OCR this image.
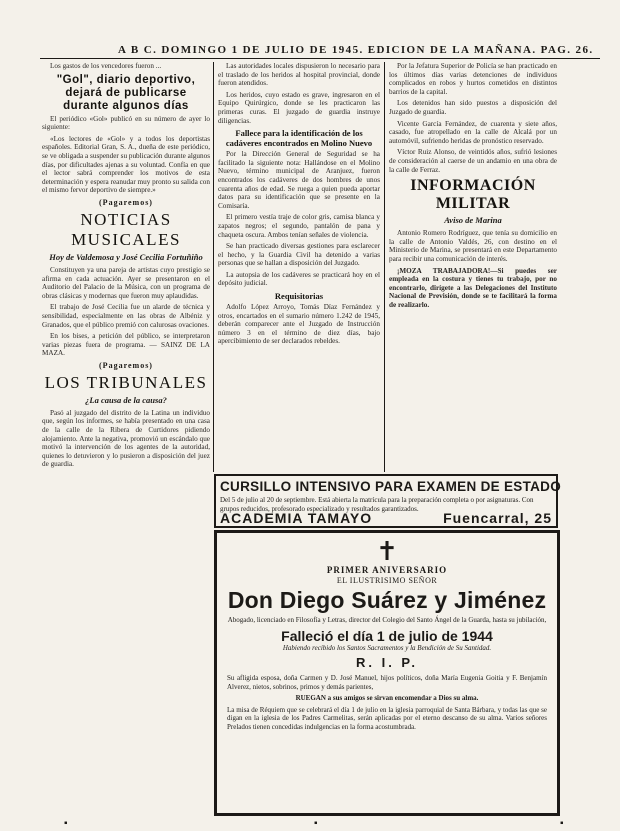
A B C. DOMINGO 1 DE JULIO DE 1945. EDICION DE LA MAÑANA. PAG. 26.

Los gastos de los vencedores fueron ...

"Gol", diario deportivo, dejará de publicarse durante algunos días

El periódico «Gol» publicó en su número de ayer lo siguiente:

«Los lectores de «Gol» y a todos los deportistas españoles. Editorial Gran, S. A., dueña de este periódico, se ve obligada a suspender su publicación durante algunos días, por dificultades ajenas a su voluntad. Confía en que el lector sabrá comprender los motivos de esta determinación y espera reanudar muy pronto su salida con el mismo fervor deportivo de siempre.»

(Pagaremos)
NOTICIAS MUSICALES
Hoy de Valdemosa y José Cecilia Fortuñiño

Constituyen ya una pareja de artistas cuyo prestigio se afirma en cada actuación. Ayer se presentaron en el Auditorio del Palacio de la Música, con un programa de obras clásicas y modernas que fueron muy aplaudidas.

El trabajo de José Cecilia fue un alarde de técnica y sensibilidad, especialmente en las obras de Albéniz y Granados, que el público premió con calurosas ovaciones.

En los bises, a petición del público, se interpretaron varias piezas fuera de programa. — SAINZ DE LA MAZA.

(Pagaremos)
LOS TRIBUNALES
¿La causa de la causa?

Pasó al juzgado del distrito de la Latina un individuo que, según los informes, se había presentado en una casa de la calle de la Ribera de Curtidores pidiendo alojamiento. Ante la negativa, promovió un escándalo que motivó la intervención de los agentes de la autoridad, quienes lo detuvieron y lo pusieron a disposición del juez de guardia.

Las autoridades locales dispusieron lo necesario para el traslado de los heridos al hospital provincial, donde fueron atendidos.

Los heridos, cuyo estado es grave, ingresaron en el Equipo Quirúrgico, donde se les practicaron las primeras curas. El juzgado de guardia instruye diligencias.

Fallece para la identificación de los cadáveres encontrados en Molino Nuevo

Por la Dirección General de Seguridad se ha facilitado la siguiente nota: Hallándose en el Molino Nuevo, término municipal de Aranjuez, fueron encontrados los cadáveres de dos hombres de unos cuarenta años de edad. Se ruega a quien pueda aportar datos para su identificación que se presente en la Comisaría.

El primero vestía traje de color gris, camisa blanca y zapatos negros; el segundo, pantalón de pana y chaqueta oscura. Ambos tenían señales de violencia.

Se han practicado diversas gestiones para esclarecer el hecho, y la Guardia Civil ha detenido a varias personas que se hallan a disposición del Juzgado.

La autopsia de los cadáveres se practicará hoy en el depósito judicial.

Requisitorias

Adolfo López Arroyo, Tomás Díaz Fernández y otros, encartados en el sumario número 1.242 de 1945, deberán comparecer ante el Juzgado de Instrucción número 3 en el término de diez días, bajo apercibimiento de ser declarados rebeldes.

Por la Jefatura Superior de Policía se han practicado en los últimos días varias detenciones de individuos complicados en robos y hurtos cometidos en distintos barrios de la capital.

Los detenidos han sido puestos a disposición del Juzgado de guardia.

Vicente García Fernández, de cuarenta y siete años, casado, fue atropellado en la calle de Alcalá por un automóvil, sufriendo heridas de pronóstico reservado.

Víctor Ruiz Alonso, de veintidós años, sufrió lesiones de consideración al caerse de un andamio en una obra de la calle de Ferraz.

INFORMACIÓN MILITAR
Aviso de Marina

Antonio Romero Rodríguez, que tenía su domicilio en la calle de Antonio Valdés, 26, con destino en el Ministerio de Marina, se presentará en este Departamento para recibir una comunicación de interés.

¡MOZA TRABAJADORA!—Si puedes ser empleada en la costura y tienes tu trabajo, por no encontrarlo, dirígete a las Delegaciones del Instituto Nacional de Previsión, donde se te facilitará la forma de realizarlo.

CURSILLO INTENSIVO PARA EXAMEN DE ESTADO
Del 5 de julio al 20 de septiembre. Está abierta la matrícula para la preparación completa o por asignaturas. Con grupos reducidos, profesorado especializado y resultados garantizados.
ACADEMIA TAMAYO	Fuencarral, 25
✝
PRIMER ANIVERSARIO
EL ILUSTRISIMO SEÑOR
Don Diego Suárez y Jiménez
Abogado, licenciado en Filosofía y Letras, director del Colegio del Santo Ángel de la Guarda, hasta su jubilación,
Falleció el día 1 de julio de 1944
Habiendo recibido los Santos Sacramentos y la Bendición de Su Santidad.
R. I. P.
Su afligida esposa, doña Carmen y D. José Manuel, hijos políticos, doña María Eugenia Goitia y F. Benjamín Alverez, nietos, sobrinos, primos y demás parientes,
RUEGAN a sus amigos se sirvan encomendar a Dios su alma.
La misa de Réquiem que se celebrará el día 1 de julio en la iglesia parroquial de Santa Bárbara, y todas las que se digan en la iglesia de los Padres Carmelitas, serán aplicadas por el eterno descanso de su alma. Varios señores Prelados tienen concedidas indulgencias en la forma acostumbrada.
▪	▪	▪
